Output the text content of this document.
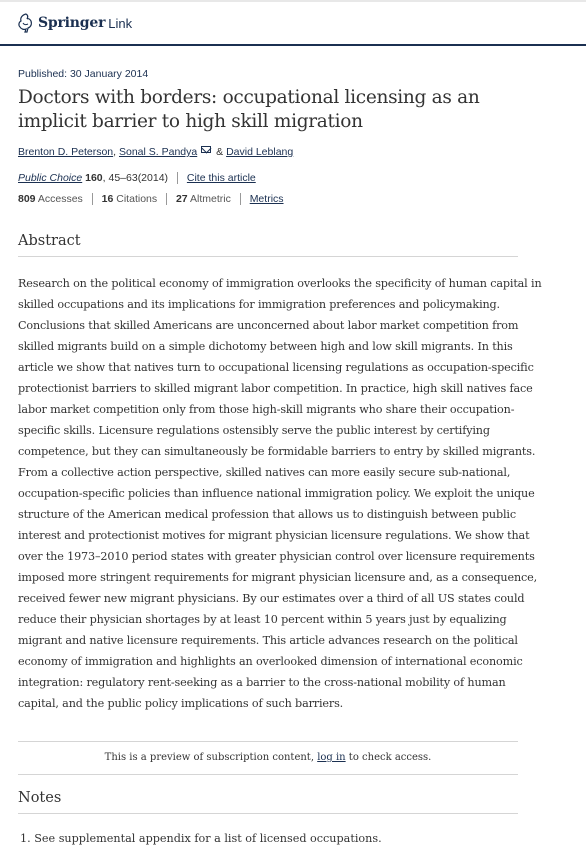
Springer Link
Published: 30 January 2014
Doctors with borders: occupational licensing as an implicit barrier to high skill migration
Brenton D. Peterson, Sonal S. Pandya & David Leblang
Public Choice 160, 45–63(2014) Cite this article
809 Accesses 16 Citations 27 Altmetric Metrics
Abstract
Research on the political economy of immigration overlooks the specificity of human capital in
skilled occupations and its implications for immigration preferences and policymaking.
Conclusions that skilled Americans are unconcerned about labor market competition from
skilled migrants build on a simple dichotomy between high and low skill migrants. In this
article we show that natives turn to occupational licensing regulations as occupation-specific
protectionist barriers to skilled migrant labor competition. In practice, high skill natives face
labor market competition only from those high-skill migrants who share their occupation-
specific skills. Licensure regulations ostensibly serve the public interest by certifying
competence, but they can simultaneously be formidable barriers to entry by skilled migrants.
From a collective action perspective, skilled natives can more easily secure sub-national,
occupation-specific policies than influence national immigration policy. We exploit the unique
structure of the American medical profession that allows us to distinguish between public
interest and protectionist motives for migrant physician licensure regulations. We show that
over the 1973–2010 period states with greater physician control over licensure requirements
imposed more stringent requirements for migrant physician licensure and, as a consequence,
received fewer new migrant physicians. By our estimates over a third of all US states could
reduce their physician shortages by at least 10 percent within 5 years just by equalizing
migrant and native licensure requirements. This article advances research on the political
economy of immigration and highlights an overlooked dimension of international economic
integration: regulatory rent-seeking as a barrier to the cross-national mobility of human
capital, and the public policy implications of such barriers.
This is a preview of subscription content, log in to check access.
Notes
1. See supplemental appendix for a list of licensed occupations.
